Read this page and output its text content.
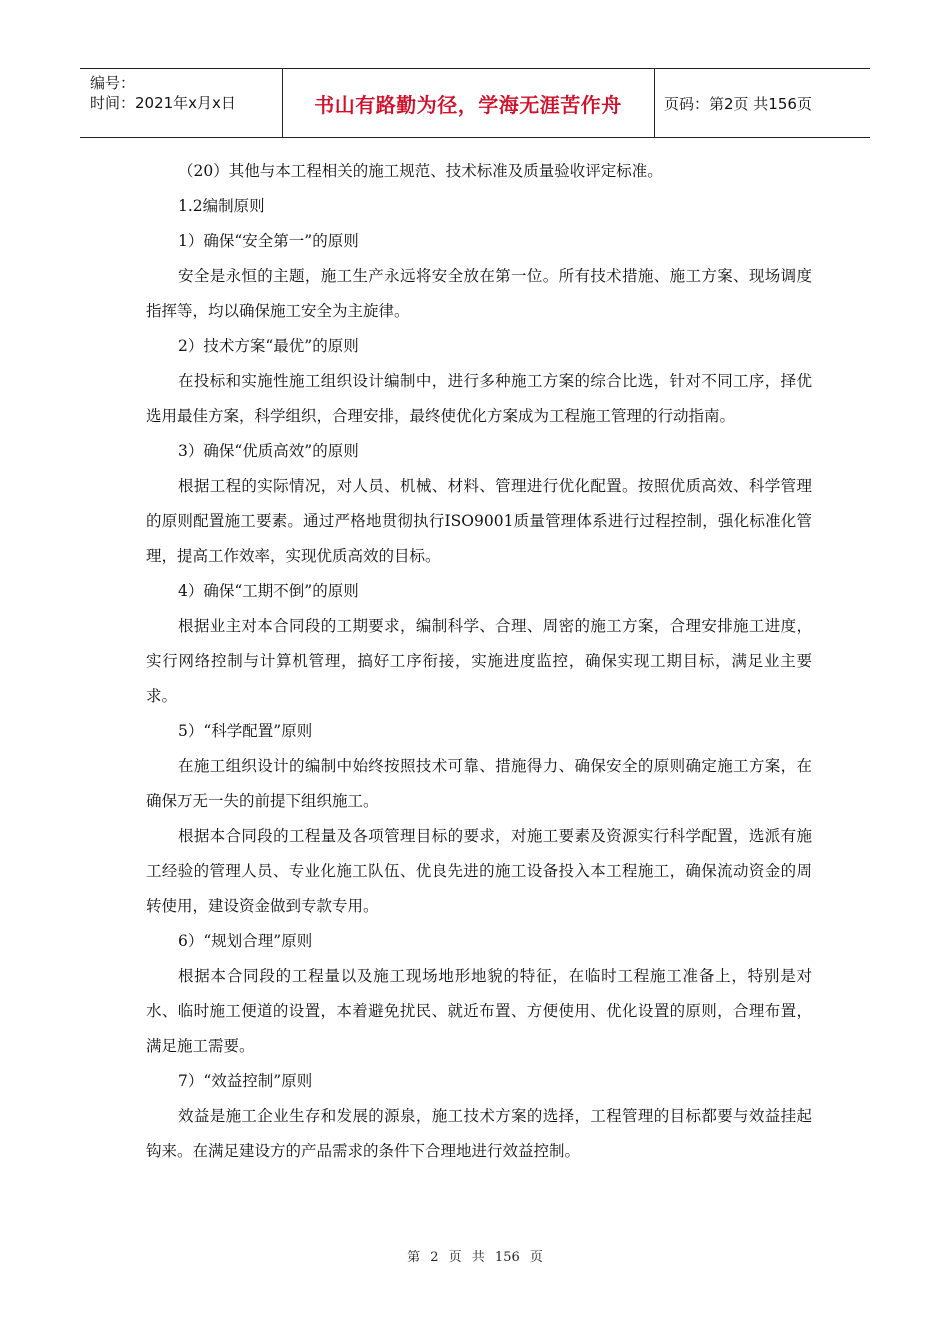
编号：
时间：2021年x月x日	书山有路勤为径，学海无涯苦作舟	页码：第2页 共156页

（20）其他与本工程相关的施工规范、技术标准及质量验收评定标准。

1.2编制原则

1）确保“安全第一”的原则

安全是永恒的主题，施工生产永远将安全放在第一位。所有技术措施、施工方案、现场调度指挥等，均以确保施工安全为主旋律。

2）技术方案“最优”的原则

在投标和实施性施工组织设计编制中，进行多种施工方案的综合比选，针对不同工序，择优选用最佳方案，科学组织，合理安排，最终使优化方案成为工程施工管理的行动指南。

3）确保“优质高效”的原则

根据工程的实际情况，对人员、机械、材料、管理进行优化配置。按照优质高效、科学管理的原则配置施工要素。通过严格地贯彻执行ISO9001质量管理体系进行过程控制，强化标准化管理，提高工作效率，实现优质高效的目标。

4）确保“工期不倒”的原则

根据业主对本合同段的工期要求，编制科学、合理、周密的施工方案，合理安排施工进度，实行网络控制与计算机管理，搞好工序衔接，实施进度监控，确保实现工期目标，满足业主要求。

5）“科学配置”原则

在施工组织设计的编制中始终按照技术可靠、措施得力、确保安全的原则确定施工方案，在确保万无一失的前提下组织施工。

根据本合同段的工程量及各项管理目标的要求，对施工要素及资源实行科学配置，选派有施工经验的管理人员、专业化施工队伍、优良先进的施工设备投入本工程施工，确保流动资金的周转使用，建设资金做到专款专用。

6）“规划合理”原则

根据本合同段的工程量以及施工现场地形地貌的特征，在临时工程施工准备上，特别是对水、临时施工便道的设置，本着避免扰民、就近布置、方便使用、优化设置的原则，合理布置，满足施工需要。

7）“效益控制”原则

效益是施工企业生存和发展的源泉，施工技术方案的选择，工程管理的目标都要与效益挂起钩来。在满足建设方的产品需求的条件下合理地进行效益控制。

第 2 页 共 156 页
